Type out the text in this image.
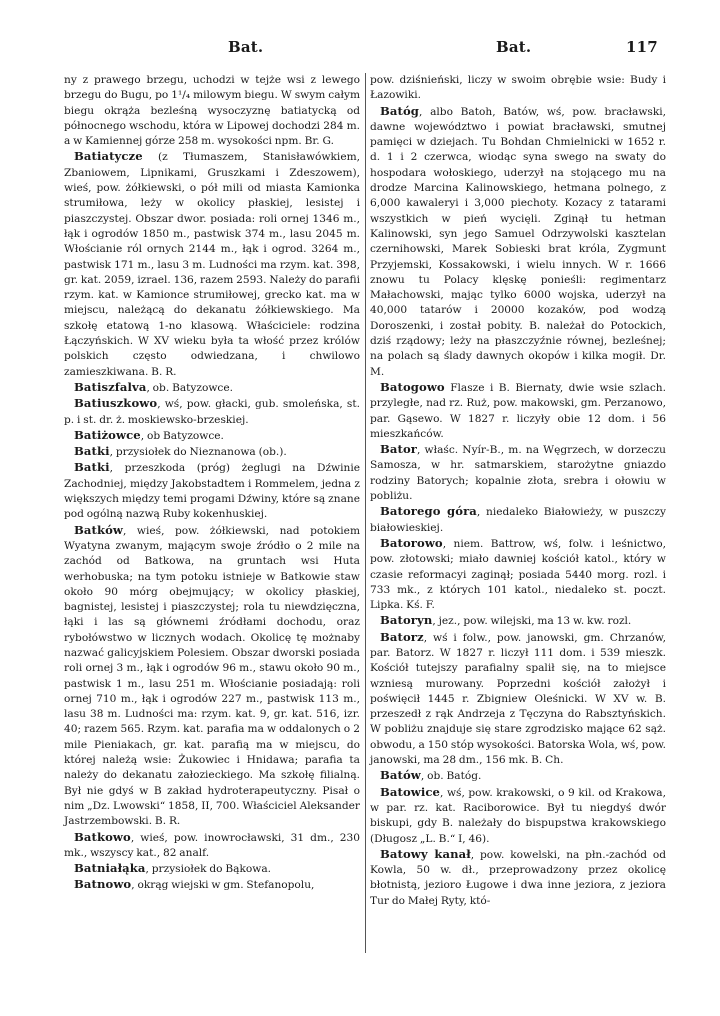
Bat.	Bat.	117

ny z prawego brzegu, uchodzi w tejże wsi z lewego brzegu do Bugu, po 1¹/₄ milowym biegu. W swym całym biegu okrąża bezleśną wysoczyznę batiatycką od północnego wschodu, która w Lipowej dochodzi 284 m. a w Kamiennej górze 258 m. wysokości npm. Br. G.

Batiatycze (z Tłumaszem, Stanisławówkiem, Zbaniowem, Lipnikami, Gruszkami i Zdeszowem), wieś, pow. żółkiewski, o pół mili od miasta Kamionka strumiłowa, leży w okolicy płaskiej, lesistej i piaszczystej. Obszar dwor. posiada: roli ornej 1346 m., łąk i ogrodów 1850 m., pastwisk 374 m., lasu 2045 m. Włościanie ról ornych 2144 m., łąk i ogrod. 3264 m., pastwisk 171 m., lasu 3 m. Ludności ma rzym. kat. 398, gr. kat. 2059, izrael. 136, razem 2593. Należy do parafii rzym. kat. w Kamionce strumiłowej, grecko kat. ma w miejscu, należącą do dekanatu żółkiewskiego. Ma szkołę etatową 1-no klasową. Właściciele: rodzina Łączyńskich. W XV wieku była ta włość przez królów polskich często odwiedzana, i chwilowo zamieszkiwana. B. R.

Batiszfalva, ob. Batyzowce.

Batiuszkowo, wś, pow. głacki, gub. smoleńska, st. p. i st. dr. ż. moskiewsko-brzeskiej.

Batiżowce, ob Batyzowce.

Batki, przysiołek do Nieznanowa (ob.).

Batki, przeszkoda (próg) żeglugi na Dźwinie Zachodniej, między Jakobstadtem i Rommelem, jedna z większych między temi progami Dźwiny, które są znane pod ogólną nazwą Ruby kokenhuskiej.

Batków, wieś, pow. żółkiewski, nad potokiem Wyatyna zwanym, mającym swoje źródło o 2 mile na zachód od Batkowa, na gruntach wsi Huta werhobuska; na tym potoku istnieje w Batkowie staw około 90 mórg obejmujący; w okolicy płaskiej, bagnistej, lesistej i piaszczystej; rola tu niewdzięczna, łąki i las są głównemi źródłami dochodu, oraz rybołówstwo w licznych wodach. Okolicę tę możnaby nazwać galicyjskiem Polesiem. Obszar dworski posiada roli ornej 3 m., łąk i ogrodów 96 m., stawu około 90 m., pastwisk 1 m., lasu 251 m. Włościanie posiadają: roli ornej 710 m., łąk i ogrodów 227 m., pastwisk 113 m., lasu 38 m. Ludności ma: rzym. kat. 9, gr. kat. 516, izr. 40; razem 565. Rzym. kat. parafia ma w oddalonych o 2 mile Pieniakach, gr. kat. parafią ma w miejscu, do której należą wsie: Żukowiec i Hnidawa; parafia ta należy do dekanatu załozieckiego. Ma szkołę filialną. Był nie gdyś w B zakład hydroterapeutyczny. Pisał o nim „Dz. Lwowski“ 1858, II, 700. Właściciel Aleksander Jastrzembowski. B. R.

Batkowo, wieś, pow. inowrocławski, 31 dm., 230 mk., wszyscy kat., 82 analf.

Batniałąka, przysiołek do Bąkowa.

Batnowo, okrąg wiejski w gm. Stefanopolu,

pow. dziśnieński, liczy w swoim obrębie wsie: Budy i Łazowiki.

Batóg, albo Batoh, Batów, wś, pow. bracławski, dawne województwo i powiat bracławski, smutnej pamięci w dziejach. Tu Bohdan Chmielnicki w 1652 r. d. 1 i 2 czerwca, wiodąc syna swego na swaty do hospodara wołoskiego, uderzył na stojącego mu na drodze Marcina Kalinowskiego, hetmana polnego, z 6,000 kawaleryi i 3,000 piechoty. Kozacy z tatarami wszystkich w pień wycięli. Zginął tu hetman Kalinowski, syn jego Samuel Odrzywolski kasztelan czernihowski, Marek Sobieski brat króla, Zygmunt Przyjemski, Kossakowski, i wielu innych. W r. 1666 znowu tu Polacy klęskę ponieśli: regimentarz Małachowski, mając tylko 6000 wojska, uderzył na 40,000 tatarów i 20000 kozaków, pod wodzą Doroszenki, i został pobity. B. należał do Potockich, dziś rządowy; leży na płaszczyźnie równej, bezleśnej; na polach są ślady dawnych okopów i kilka mogił. Dr. M.

Batogowo Flasze i B. Biernaty, dwie wsie szlach. przyległe, nad rz. Ruż, pow. makowski, gm. Perzanowo, par. Gąsewo. W 1827 r. liczyły obie 12 dom. i 56 mieszkańców.

Bator, właśc. Nyír-B., m. na Węgrzech, w dorzeczu Samosza, w hr. satmarskiem, starożytne gniazdo rodziny Batorych; kopalnie złota, srebra i ołowiu w pobliżu.

Batorego góra, niedaleko Białowieży, w puszczy białowieskiej.

Batorowo, niem. Battrow, wś, folw. i leśnictwo, pow. złotowski; miało dawniej kościół katol., który w czasie reformacyi zaginął; posiada 5440 morg. rozl. i 733 mk., z których 101 katol., niedaleko st. poczt. Lipka. Kś. F.

Batoryn, jez., pow. wilejski, ma 13 w. kw. rozl.

Batorz, wś i folw., pow. janowski, gm. Chrzanów, par. Batorz. W 1827 r. liczył 111 dom. i 539 mieszk. Kościół tutejszy parafialny spalił się, na to miejsce wzniesą murowany. Poprzedni kościół założył i poświęcił 1445 r. Zbigniew Oleśnicki. W XV w. B. przeszedł z rąk Andrzeja z Tęczyna do Rabsztyńskich. W pobliżu znajduje się stare zgrodzisko mające 62 sąż. obwodu, a 150 stóp wysokości. Batorska Wola, wś, pow. janowski, ma 28 dm., 156 mk. B. Ch.

Batów, ob. Batóg.

Batowice, wś, pow. krakowski, o 9 kil. od Krakowa, w par. rz. kat. Raciborowice. Był tu niegdyś dwór biskupi, gdy B. należały do bispupstwa krakowskiego (Długosz „L. B.“ I, 46).

Batowy kanał, pow. kowelski, na płn.-zachód od Kowla, 50 w. dł., przeprowadzony przez okolicę błotnistą, jezioro Ługowe i dwa inne jeziora, z jeziora Tur do Małej Ryty, któ-
